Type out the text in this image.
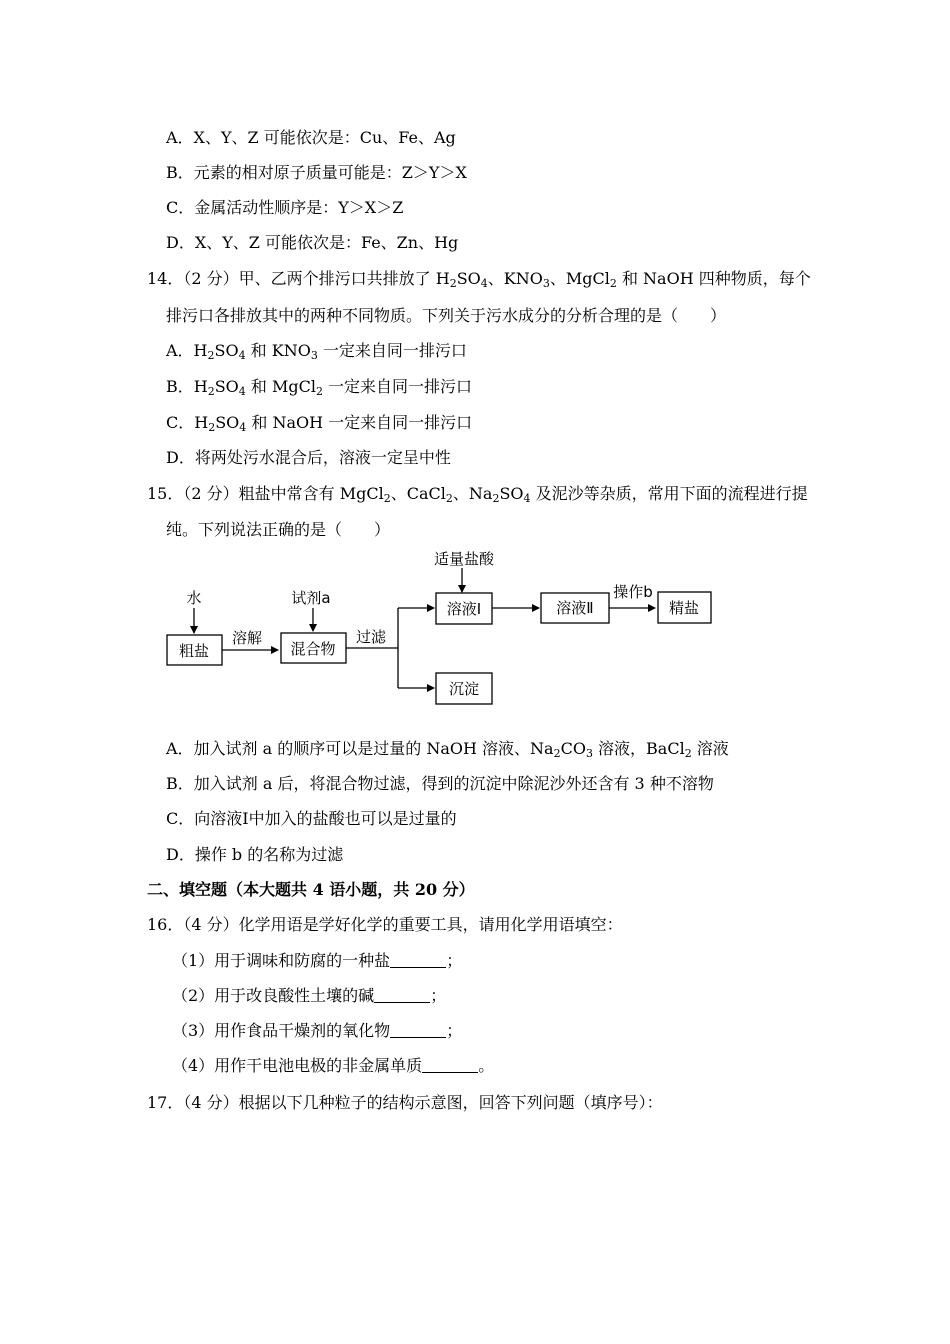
A．X、Y、Z 可能依次是：Cu、Fe、Ag
B．元素的相对原子质量可能是：Z＞Y＞X
C．金属活动性顺序是：Y＞X＞Z
D．X、Y、Z 可能依次是：Fe、Zn、Hg
14．（2 分）甲、乙两个排污口共排放了 $H_2SO_4$、$KNO_3$、MgCl$_2$ 和 NaOH 四种物质，每个
排污口各排放其中的两种不同物质。下列关于污水成分的分析合理的是（　　）
A．$H_2SO_4$ 和 $KNO_3$ 一定来自同一排污口
B．$H_2SO_4$ 和 MgCl$_2$ 一定来自同一排污口
C．$H_2SO_4$ 和 NaOH 一定来自同一排污口
D．将两处污水混合后，溶液一定呈中性
15．（2 分）粗盐中常含有 MgCl$_2$、CaCl$_2$、$Na_2SO_4$ 及泥沙等杂质，常用下面的流程进行提
纯。下列说法正确的是（　　）
水
粗盐
溶解
试剂a
混合物
过滤
适量盐酸
溶液Ⅰ	溶液Ⅱ
操作b
精盐
沉淀
A．加入试剂 a 的顺序可以是过量的 NaOH 溶液、$Na_2CO_3$ 溶液，BaCl$_2$ 溶液
B．加入试剂 a 后，将混合物过滤，得到的沉淀中除泥沙外还含有 3 种不溶物
C．向溶液Ⅰ中加入的盐酸也可以是过量的
D．操作 b 的名称为过滤
二、填空题（本大题共 4 语小题，共 20 分）
16．（4 分）化学用语是学好化学的重要工具，请用化学用语填空：
（1）用于调味和防腐的一种盐	；
（2）用于改良酸性土壤的碱	；
（3）用作食品干燥剂的氧化物	；
（4）用作干电池电极的非金属单质	。
17．（4 分）根据以下几种粒子的结构示意图，回答下列问题（填序号）：
